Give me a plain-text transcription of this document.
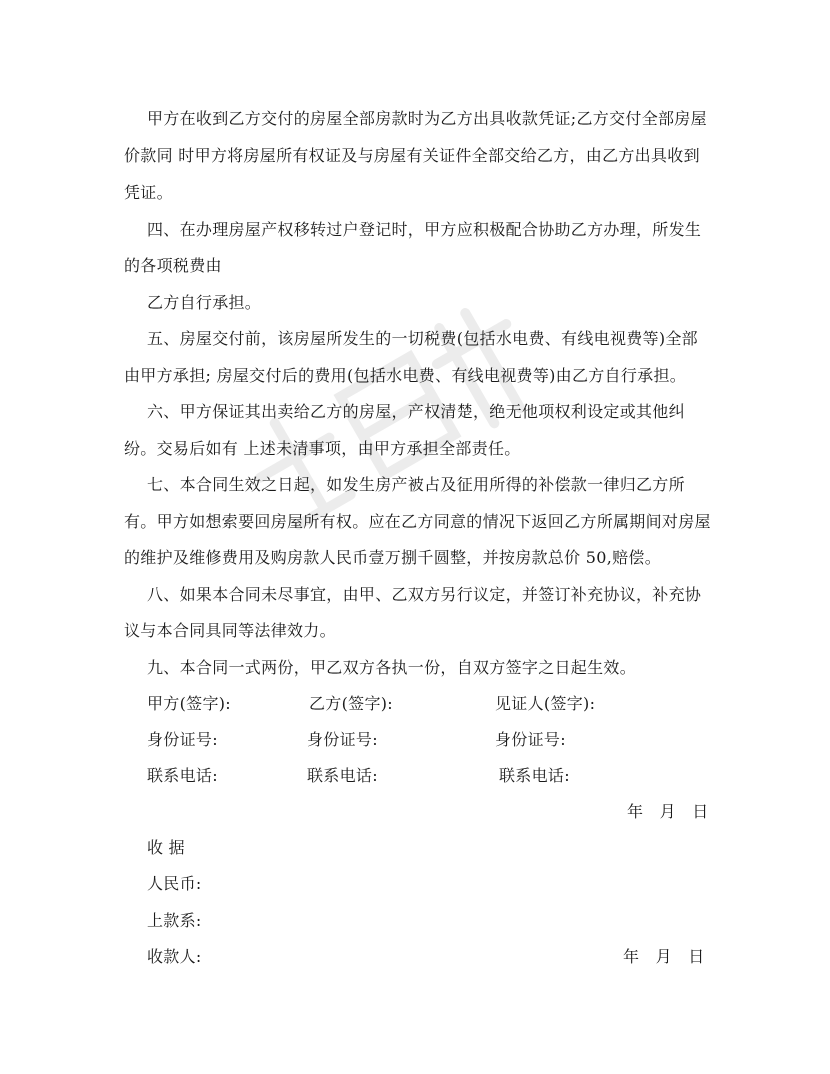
甲方在收到乙方交付的房屋全部房款时为乙方出具收款凭证;乙方交付全部房屋
价款同 时甲方将房屋所有权证及与房屋有关证件全部交给乙方，由乙方出具收到
凭证。
四、在办理房屋产权移转过户登记时，甲方应积极配合协助乙方办理，所发生
的各项税费由
乙方自行承担。
五、房屋交付前，该房屋所发生的一切税费(包括水电费、有线电视费等)全部
由甲方承担; 房屋交付后的费用(包括水电费、有线电视费等)由乙方自行承担。
六、甲方保证其出卖给乙方的房屋，产权清楚，绝无他项权利设定或其他纠
纷。交易后如有 上述未清事项，由甲方承担全部责任。
七、本合同生效之日起，如发生房产被占及征用所得的补偿款一律归乙方所
有。甲方如想索要回房屋所有权。应在乙方同意的情况下返回乙方所属期间对房屋
的维护及维修费用及购房款人民币壹万捌千圆整，并按房款总价 50,赔偿。
八、如果本合同未尽事宜，由甲、乙双方另行议定，并签订补充协议，补充协
议与本合同具同等法律效力。
九、本合同一式两份，甲乙双方各执一份，自双方签字之日起生效。
甲方(签字):	乙方(签字):	见证人(签字):
身份证号:	身份证号:	身份证号:
联系电话:	联系电话:	联系电话:
年　月　日
收 据
人民币:
上款系:
收款人:	年　月　日
